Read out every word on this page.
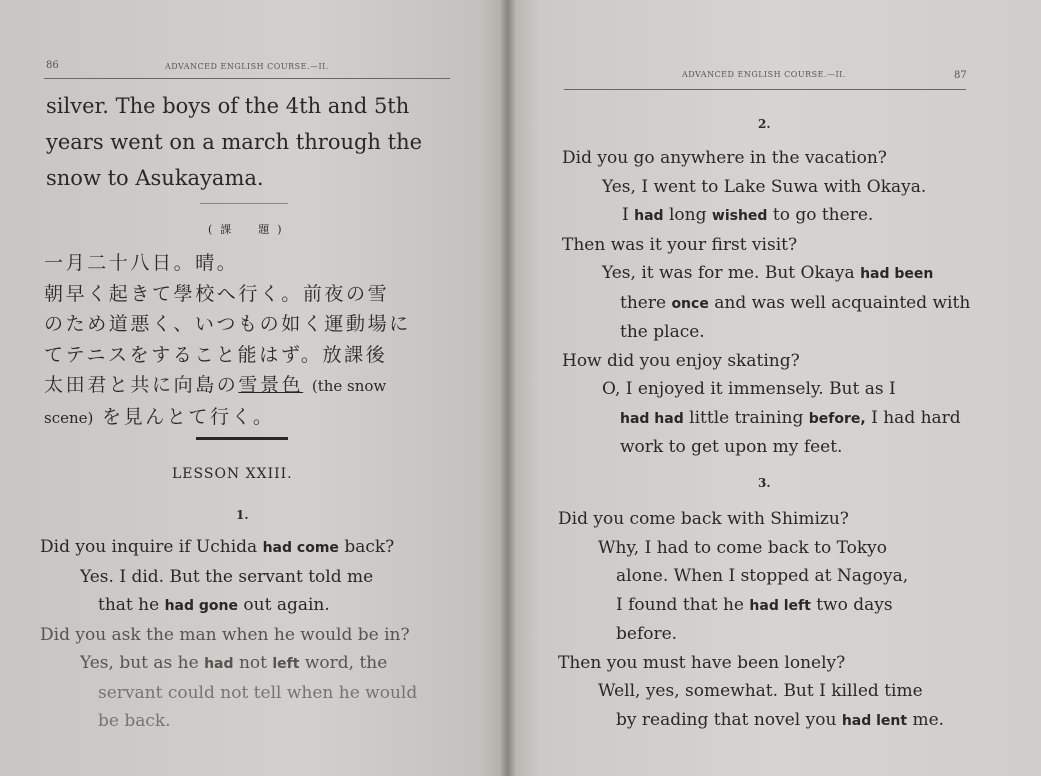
86	ADVANCED ENGLISH COURSE.—II.
silver. The boys of the 4th and 5th
years went on a march through the
snow to Asukayama.
(課　題)
一月二十八日。晴。
朝早く起きて學校へ行く。前夜の雪
のため道悪く、いつもの如く運動場に
てテニスをすること能はず。放課後
太田君と共に向島の雪景色 (the snow
scene) を見んとて行く。
LESSON XXIII.
1.
Did you inquire if Uchida had come back?
Yes. I did. But the servant told me
that he had gone out again.
Did you ask the man when he would be in?
Yes, but as he had not left word, the
servant could not tell when he would
be back.
ADVANCED ENGLISH COURSE.—II.	87
2.
Did you go anywhere in the vacation?
Yes, I went to Lake Suwa with Okaya.
I had long wished to go there.
Then was it your first visit?
Yes, it was for me. But Okaya had been
there once and was well acquainted with
the place.
How did you enjoy skating?
O, I enjoyed it immensely. But as I
had had little training before, I had hard
work to get upon my feet.
3.
Did you come back with Shimizu?
Why, I had to come back to Tokyo
alone. When I stopped at Nagoya,
I found that he had left two days
before.
Then you must have been lonely?
Well, yes, somewhat. But I killed time
by reading that novel you had lent me.
